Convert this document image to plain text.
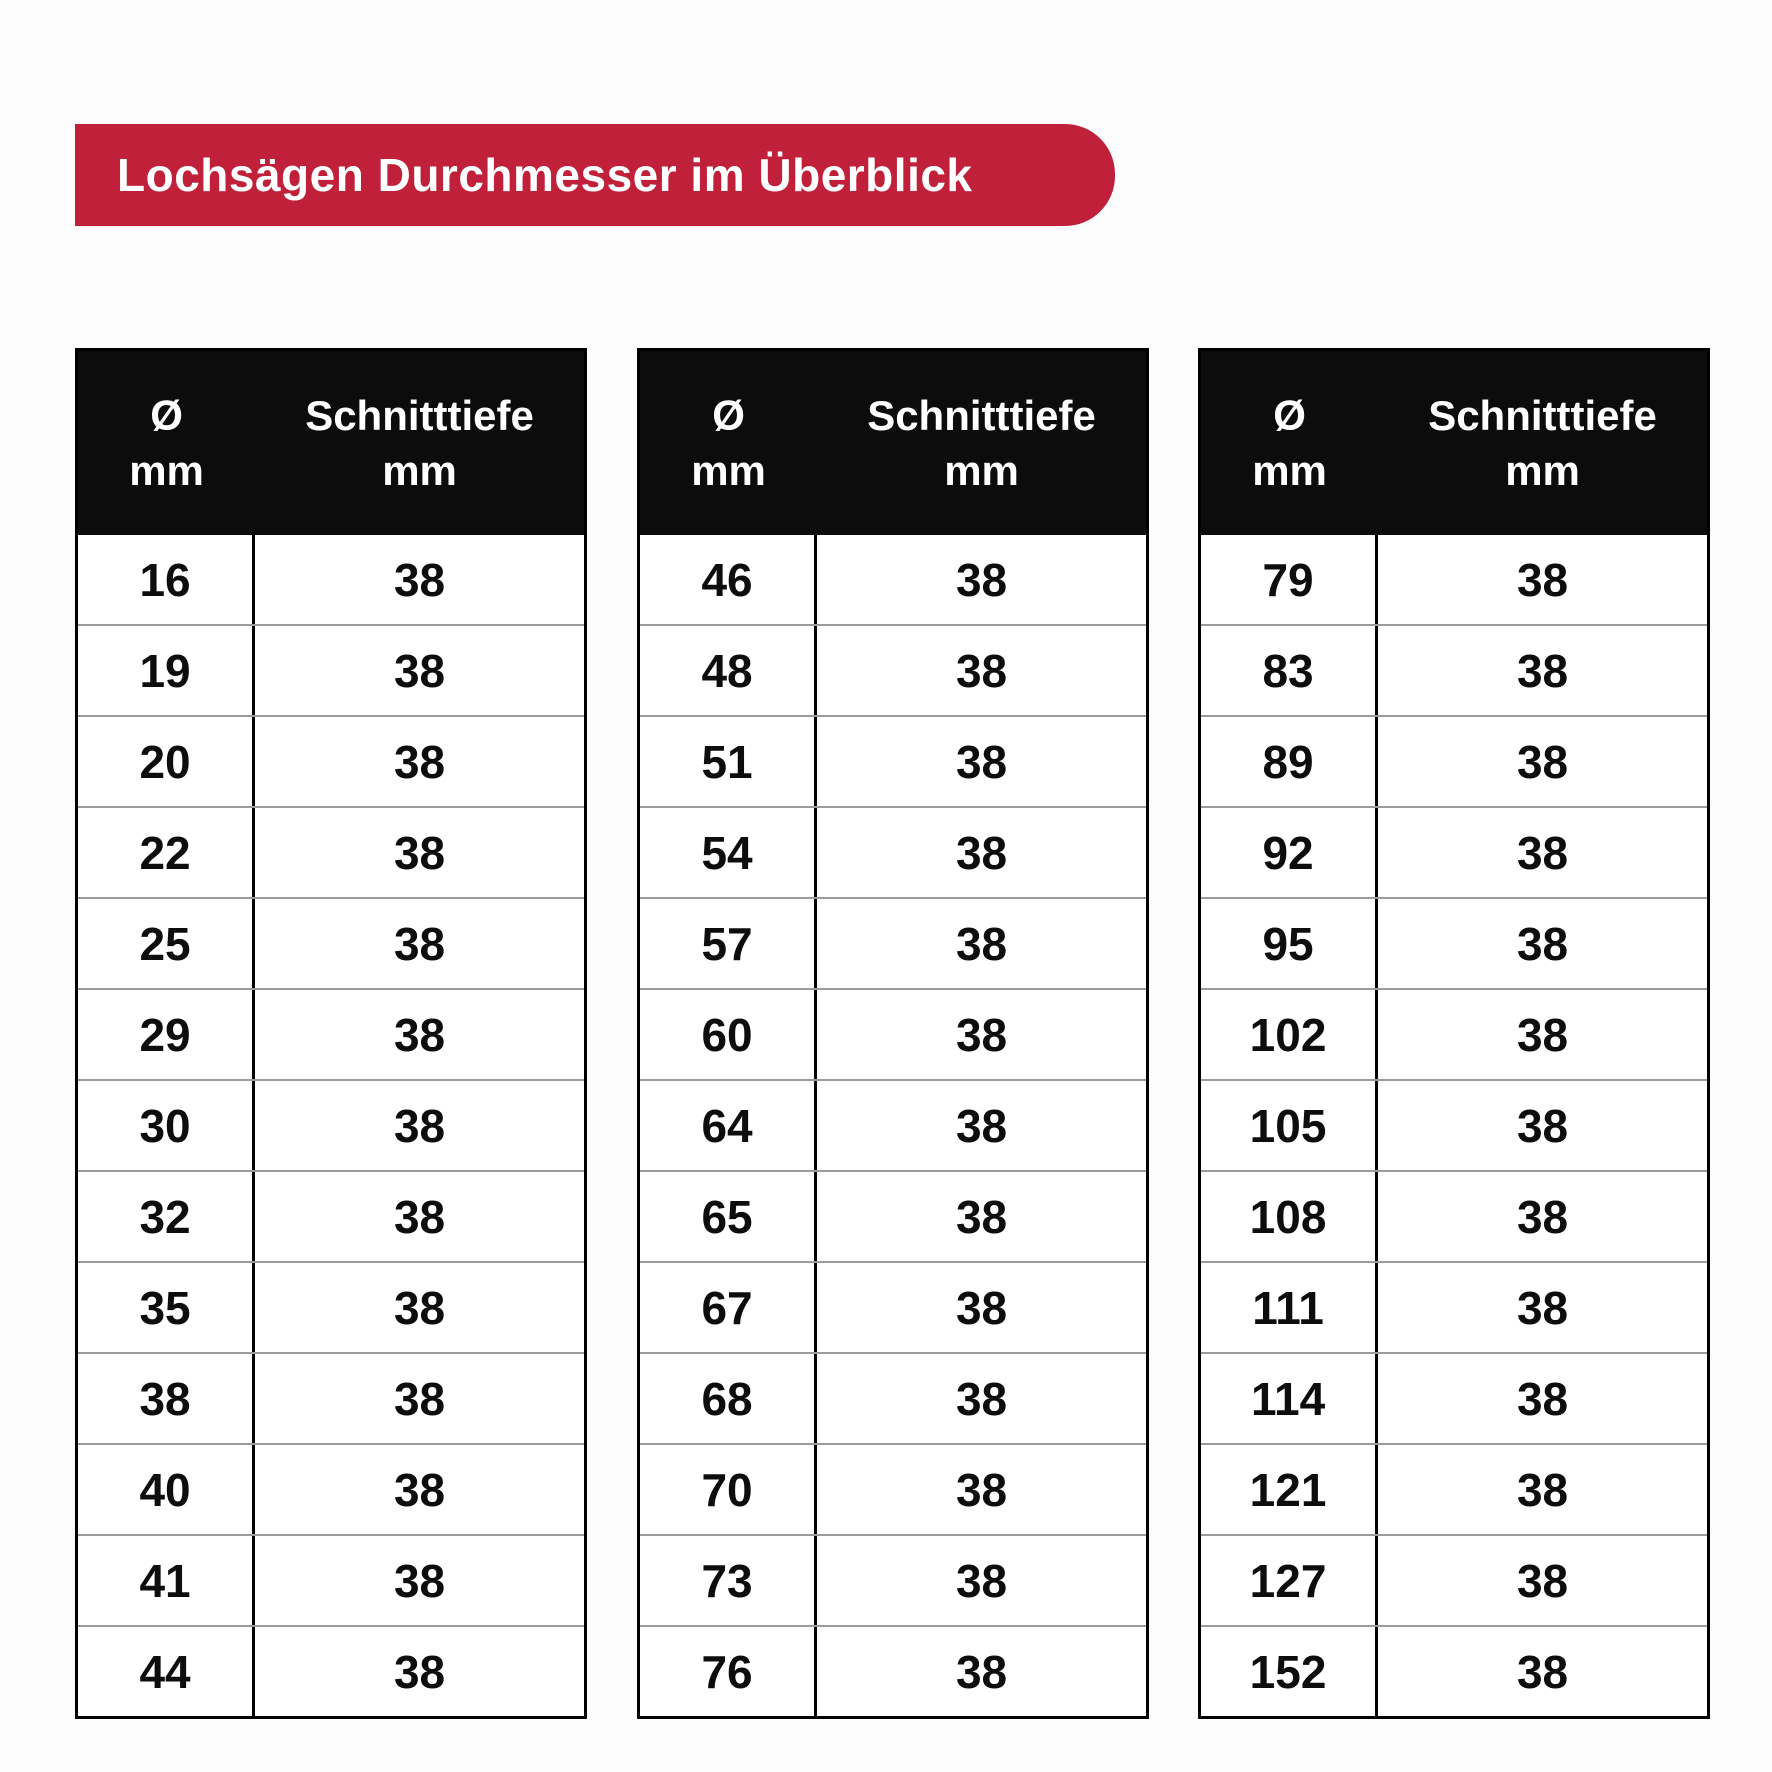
Lochsägen Durchmesser im Überblick
Ø
mm
Schnitttiefe
mm
16	38
19	38
20	38
22	38
25	38
29	38
30	38
32	38
35	38
38	38
40	38
41	38
44	38
Ø
mm
Schnitttiefe
mm
46	38
48	38
51	38
54	38
57	38
60	38
64	38
65	38
67	38
68	38
70	38
73	38
76	38
Ø
mm
Schnitttiefe
mm
79	38
83	38
89	38
92	38
95	38
102	38
105	38
108	38
111	38
114	38
121	38
127	38
152	38
